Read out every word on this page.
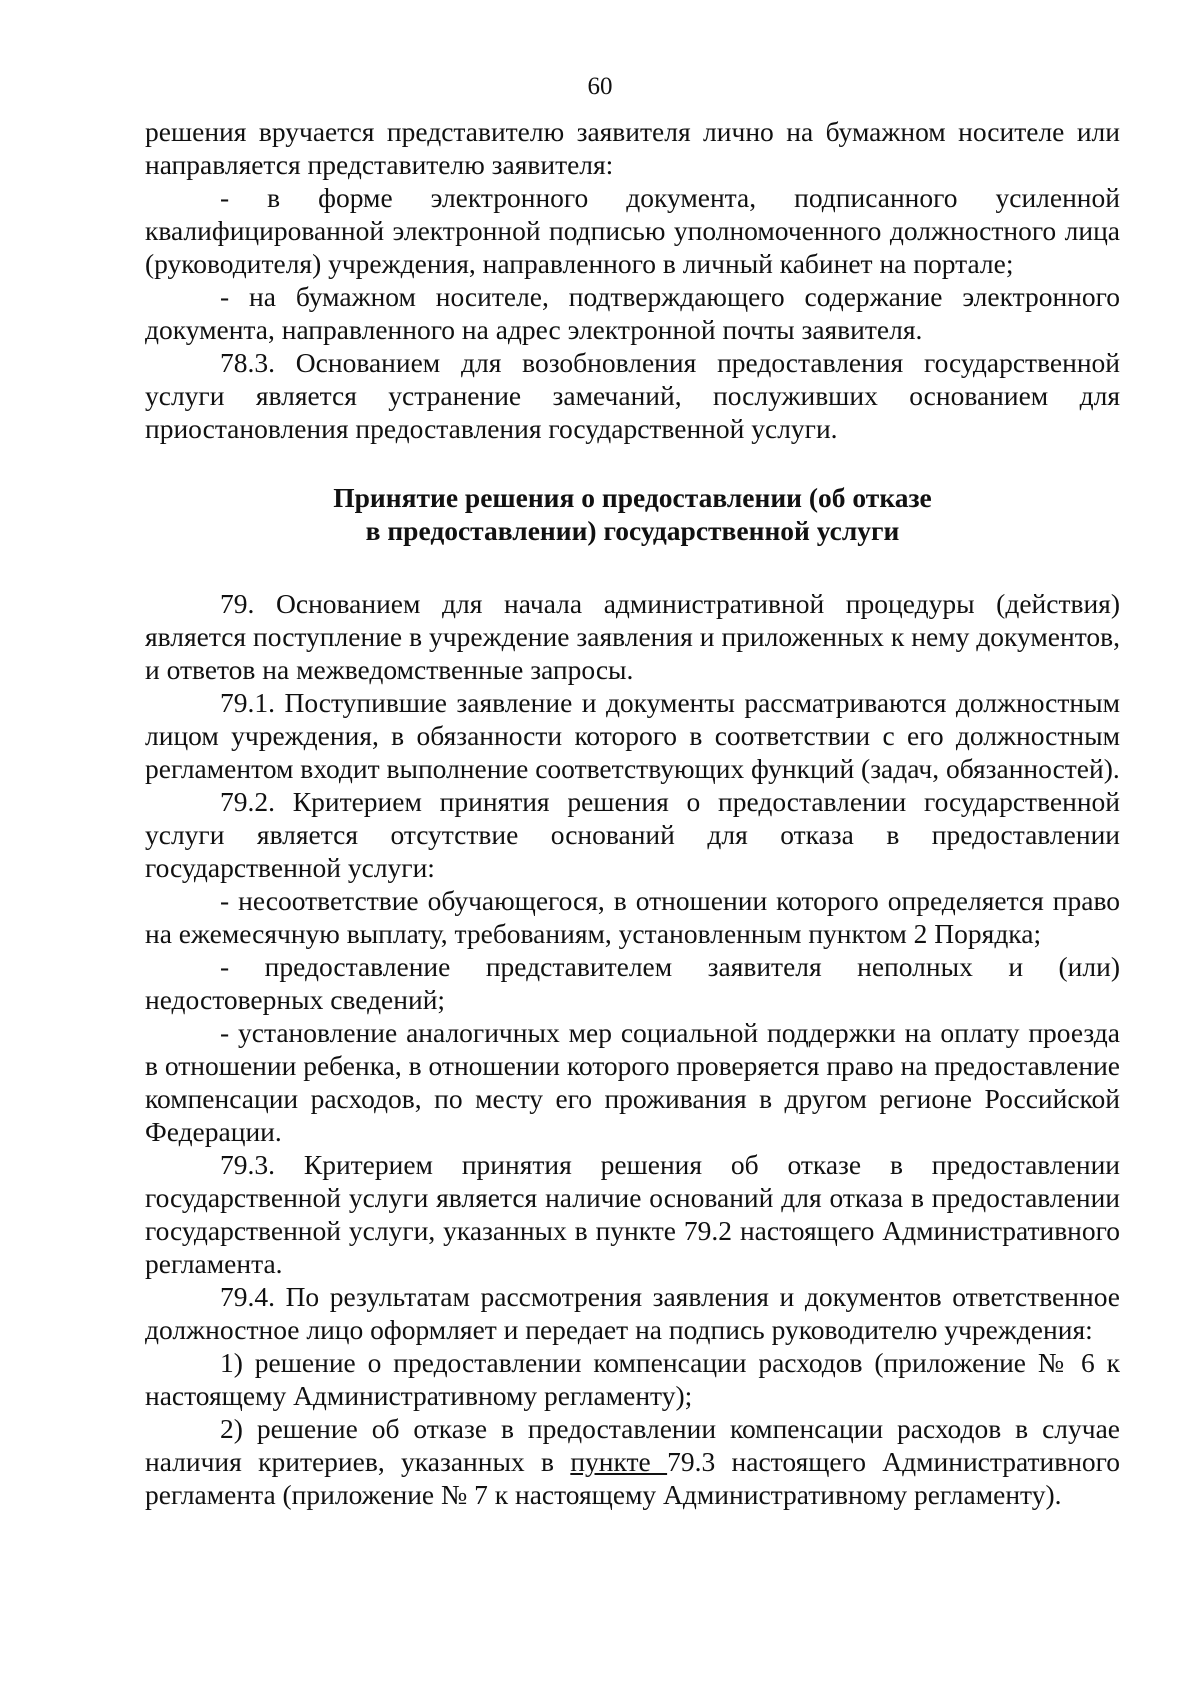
60

решения вручается представителю заявителя лично на бумажном носителе или направляется представителю заявителя:

- в форме электронного документа, подписанного усиленной квалифицированной электронной подписью уполномоченного должностного лица (руководителя) учреждения, направленного в личный кабинет на портале;

- на бумажном носителе, подтверждающего содержание электронного документа, направленного на адрес электронной почты заявителя.

78.3. Основанием для возобновления предоставления государственной услуги является устранение замечаний, послуживших основанием для приостановления предоставления государственной услуги.

Принятие решения о предоставлении (об отказе
в предоставлении) государственной услуги

79. Основанием для начала административной процедуры (действия) является поступление в учреждение заявления и приложенных к нему документов, и ответов на межведомственные запросы.

79.1. Поступившие заявление и документы рассматриваются должностным лицом учреждения, в обязанности которого в соответствии с его должностным регламентом входит выполнение соответствующих функций (задач, обязанностей).

79.2. Критерием принятия решения о предоставлении государственной услуги является отсутствие оснований для отказа в предоставлении государственной услуги:

- несоответствие обучающегося, в отношении которого определяется право на ежемесячную выплату, требованиям, установленным пунктом 2 Порядка;

- предоставление представителем заявителя неполных и (или) недостоверных сведений;

- установление аналогичных мер социальной поддержки на оплату проезда в отношении ребенка, в отношении которого проверяется право на предоставление компенсации расходов, по месту его проживания в другом регионе Российской Федерации.

79.3. Критерием принятия решения об отказе в предоставлении государственной услуги является наличие оснований для отказа в предоставлении государственной услуги, указанных в пункте 79.2 настоящего Административного регламента.

79.4. По результатам рассмотрения заявления и документов ответственное должностное лицо оформляет и передает на подпись руководителю учреждения:

1) решение о предоставлении компенсации расходов (приложение № 6 к настоящему Административному регламенту);

2) решение об отказе в предоставлении компенсации расходов в случае наличия критериев, указанных в пункте 79.3 настоящего Административного регламента (приложение № 7 к настоящему Административному регламенту).
